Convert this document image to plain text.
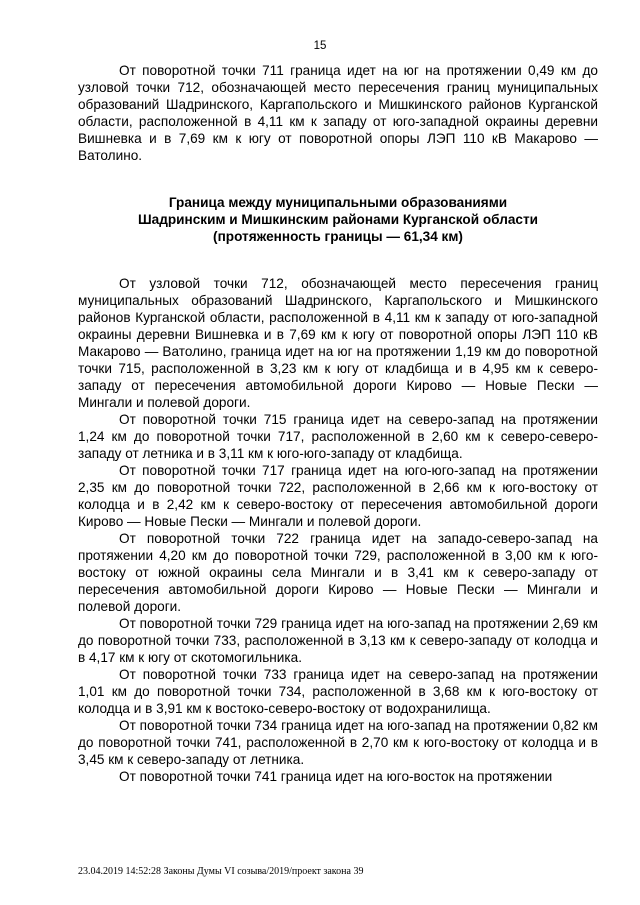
15

От поворотной точки 711 граница идет на юг на протяжении 0,49 км до узловой точки 712, обозначающей место пересечения границ муниципальных образований Шадринского, Каргапольского и Мишкинского районов Курганской области, расположенной в 4,11 км к западу от юго-западной окраины деревни Вишневка и в 7,69 км к югу от поворотной опоры ЛЭП 110 кВ Макарово — Ватолино.

Граница между муниципальными образованиями
Шадринским и Мишкинским районами Курганской области
(протяженность границы — 61,34 км)

От узловой точки 712, обозначающей место пересечения границ муниципальных образований Шадринского, Каргапольского и Мишкинского районов Курганской области, расположенной в 4,11 км к западу от юго-западной окраины деревни Вишневка и в 7,69 км к югу от поворотной опоры ЛЭП 110 кВ Макарово — Ватолино, граница идет на юг на протяжении 1,19 км до поворотной точки 715, расположенной в 3,23 км к югу от кладбища и в 4,95 км к северо-западу от пересечения автомобильной дороги Кирово — Новые Пески — Мингали и полевой дороги.

От поворотной точки 715 граница идет на северо-запад на протяжении 1,24 км до поворотной точки 717, расположенной в 2,60 км к северо-северо-западу от летника и в 3,11 км к юго-юго-западу от кладбища.

От поворотной точки 717 граница идет на юго-юго-запад на протяжении 2,35 км до поворотной точки 722, расположенной в 2,66 км к юго-востоку от колодца и в 2,42 км к северо-востоку от пересечения автомобильной дороги Кирово — Новые Пески — Мингали и полевой дороги.

От поворотной точки 722 граница идет на западо-северо-запад на протяжении 4,20 км до поворотной точки 729, расположенной в 3,00 км к юго-востоку от южной окраины села Мингали и в 3,41 км к северо-западу от пересечения автомобильной дороги Кирово — Новые Пески — Мингали и полевой дороги.

От поворотной точки 729 граница идет на юго-запад на протяжении 2,69 км до поворотной точки 733, расположенной в 3,13 км к северо-западу от колодца и в 4,17 км к югу от скотомогильника.

От поворотной точки 733 граница идет на северо-запад на протяжении 1,01 км до поворотной точки 734, расположенной в 3,68 км к юго-востоку от колодца и в 3,91 км к востоко-северо-востоку от водохранилища.

От поворотной точки 734 граница идет на юго-запад на протяжении 0,82 км до поворотной точки 741, расположенной в 2,70 км к юго-востоку от колодца и в 3,45 км к северо-западу от летника.

От поворотной точки 741 граница идет на юго-восток на протяжении

23.04.2019 14:52:28 Законы Думы VI созыва/2019/проект закона 39
